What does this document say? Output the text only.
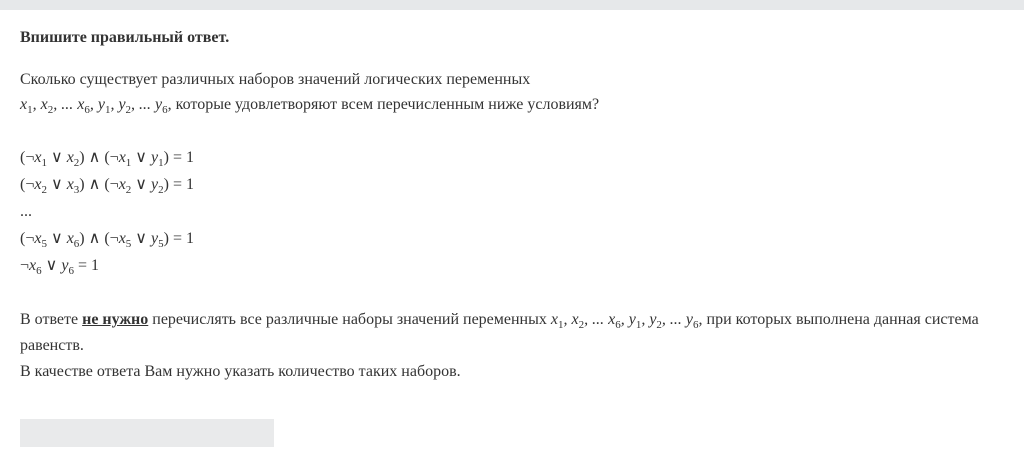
Впишите правильный ответ.

Сколько существует различных наборов значений логических переменных
$x_1$, $x_2$, ... $x_6$, $y_1$, $y_2$, ... $y_6$, которые удовлетворяют всем перечисленным ниже условиям?
($\neg x_1$ ∨ $x_2$) ∧ ($\neg x_1$ ∨ $y_1) = 1$
($\neg x_2$ ∨ $x_3$) ∧ ($\neg x_2$ ∨ $y_2) = 1$
...
($\neg x_5$ ∨ $x_6$) ∧ ($\neg x_5$ ∨ $y_5) = 1$
$\neg x_6$ ∨ $y_6 = 1$
В ответе не нужно перечислять все различные наборы значений переменных $x_1$, $x_2$, ... $x_6$, $y_1$, $y_2$, ... $y_6$, при которых выполнена данная система равенств.
В качестве ответа Вам нужно указать количество таких наборов.
